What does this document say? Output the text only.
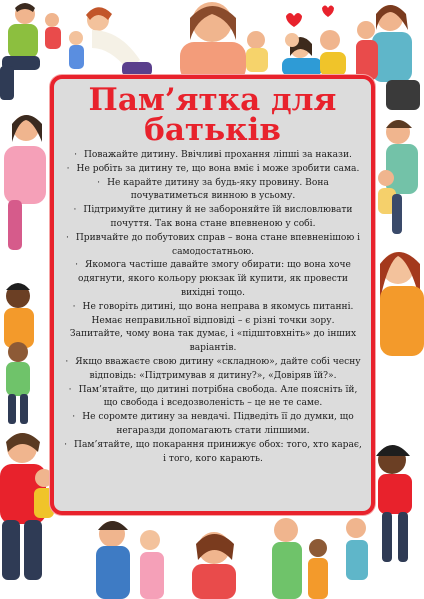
Пам’ятка для
батьків
· Поважайте дитину. Ввічливі прохання ліпші за накази.
· Не робіть за дитину те, що вона вміє і може зробити сама.
· Не карайте дитину за будь-яку провину. Вона почуватиметься винною в усьому.
· Підтримуйте дитину й не забороняйте їй висловлювати почуття. Так вона стане впевненою у собі.
· Привчайте до побутових справ – вона стане впевненішою і самодостатньою.
· Якомога частіше давайте змогу обирати: що вона хоче одягнути, якого кольору рюкзак їй купити, як провести вихідні тощо.
· Не говоріть дитині, що вона неправа в якомусь питанні. Немає неправильної відповіді – є різні точки зору. Запитайте, чому вона так думає, і «підштовхніть» до інших варіантів.
· Якщо вважаєте свою дитину «складною», дайте собі чесну відповідь: «Підтримував я дитину?», «Довіряв їй?».
· Пам’ятайте, що дитині потрібна свобода. Але поясніть їй, що свобода і вседозволеність – це не те саме.
· Не соромте дитину за невдачі. Підведіть її до думки, що негаразди допомагають стати ліпшими.
· Пам’ятайте, що покарання принижує обох: того, хто карає, і того, кого карають.
